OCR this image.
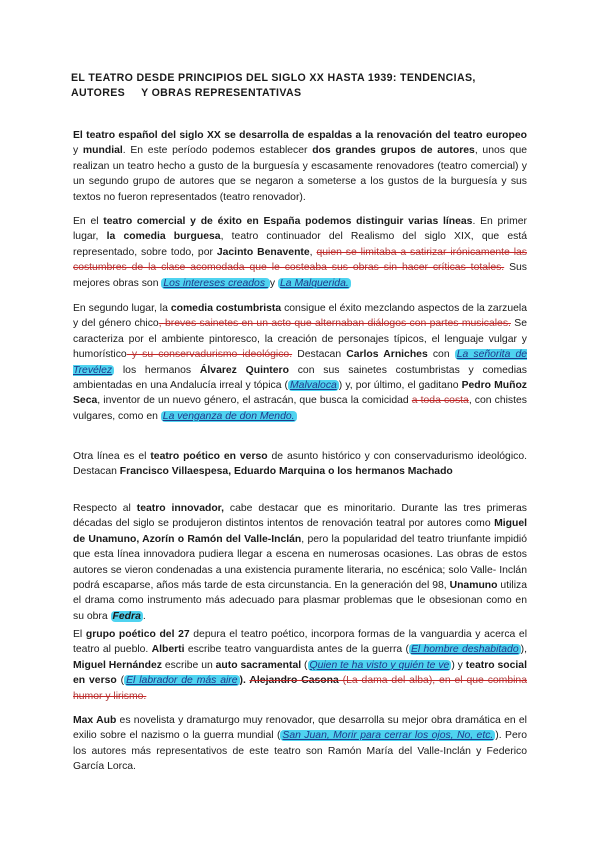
EL TEATRO DESDE PRINCIPIOS DEL SIGLO XX HASTA 1939: TENDENCIAS,
AUTORES Y OBRAS REPRESENTATIVAS
El teatro español del siglo XX se desarrolla de espaldas a la renovación del teatro europeo y mundial. En este período podemos establecer dos grandes grupos de autores, unos que realizan un teatro hecho a gusto de la burguesía y escasamente renovadores (teatro comercial) y un segundo grupo de autores que se negaron a someterse a los gustos de la burguesía y sus textos no fueron representados (teatro renovador).
En el teatro comercial y de éxito en España podemos distinguir varias líneas. En primer lugar, la comedia burguesa, teatro continuador del Realismo del siglo XIX, que está representado, sobre todo, por Jacinto Benavente, quien se limitaba a satirizar irónicamente las costumbres de la clase acomodada que le costeaba sus obras sin hacer críticas totales. Sus mejores obras son Los intereses creados y La Malquerida.
En segundo lugar, la comedia costumbrista consigue el éxito mezclando aspectos de la zarzuela y del género chico, breves sainetes en un acto que alternaban diálogos con partes musicales. Se caracteriza por el ambiente pintoresco, la creación de personajes típicos, el lenguaje vulgar y humorístico y su conservadurismo ideológico. Destacan Carlos Arniches con La señorita de Trevélez los hermanos Álvarez Quintero con sus sainetes costumbristas y comedias ambientadas en una Andalucía irreal y tópica ( Malvaloca ) y, por último, el gaditano Pedro Muñoz Seca, inventor de un nuevo género, el astracán, que busca la comicidad a toda costa, con chistes vulgares, como en La venganza de don Mendo.
Otra línea es el teatro poético en verso de asunto histórico y con conservadurismo ideológico. Destacan Francisco Villaespesa, Eduardo Marquina o los hermanos Machado
Respecto al teatro innovador, cabe destacar que es minoritario. Durante las tres primeras décadas del siglo se produjeron distintos intentos de renovación teatral por autores como Miguel de Unamuno, Azorín o Ramón del Valle-Inclán, pero la popularidad del teatro triunfante impidió que esta línea innovadora pudiera llegar a escena en numerosas ocasiones. Las obras de estos autores se vieron condenadas a una existencia puramente literaria, no escénica; solo Valle- Inclán podrá escaparse, años más tarde de esta circunstancia. En la generación del 98, Unamuno utiliza el drama como instrumento más adecuado para plasmar problemas que le obsesionan como en su obra Fedra .
El grupo poético del 27 depura el teatro poético, incorpora formas de la vanguardia y acerca el teatro al pueblo. Alberti escribe teatro vanguardista antes de la guerra ( El hombre deshabitado ), Miguel Hernández escribe un auto sacramental ( Quien te ha visto y quién te ve ) y teatro social en verso ( El labrador de más aire ). Alejandro Casona (La dama del alba), en el que combina humor y lirismo.
Max Aub es novelista y dramaturgo muy renovador, que desarrolla su mejor obra dramática en el exilio sobre el nazismo o la guerra mundial ( San Juan, Morir para cerrar los ojos, No, etc. ). Pero los autores más representativos de este teatro son Ramón María del Valle-Inclán y Federico García Lorca.
